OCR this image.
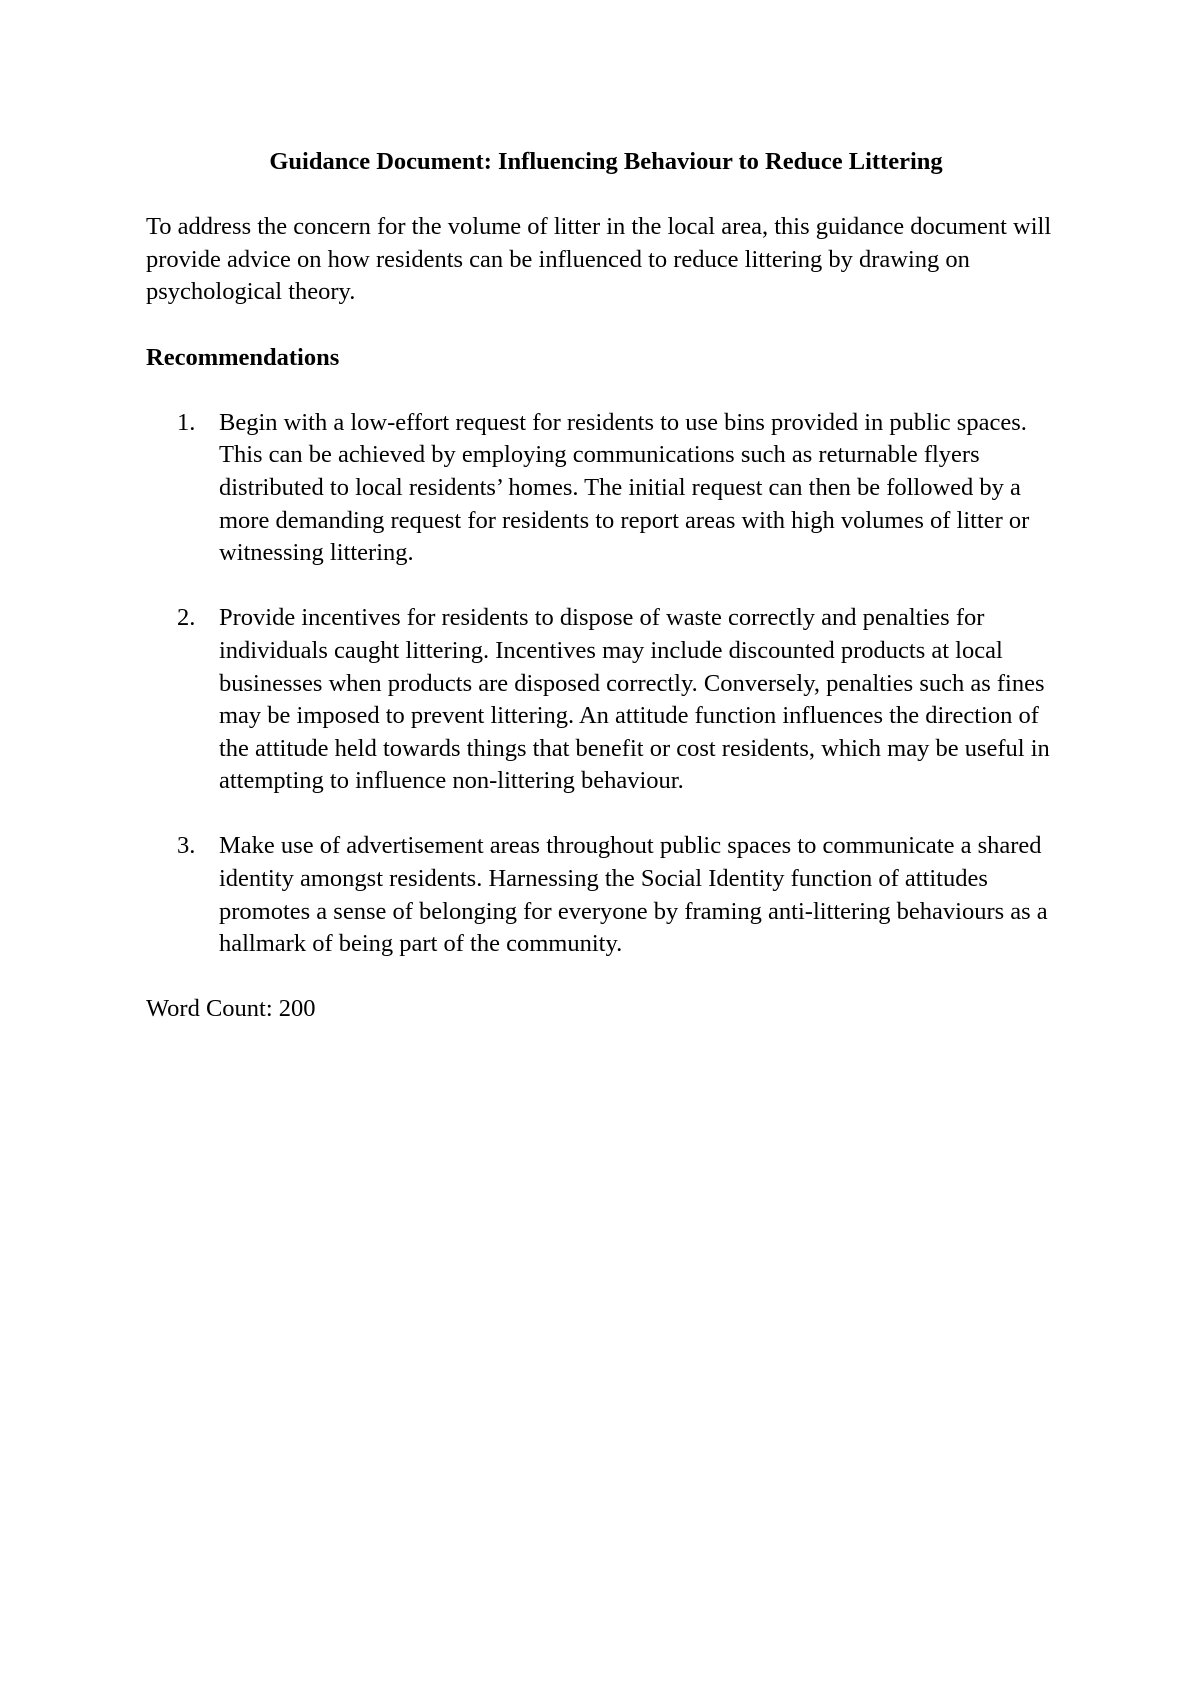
Guidance Document: Influencing Behaviour to Reduce Littering

To address the concern for the volume of litter in the local area, this guidance document will provide advice on how residents can be influenced to reduce littering by drawing on psychological theory.

Recommendations
1. Begin with a low-effort request for residents to use bins provided in public spaces. This can be achieved by employing communications such as returnable flyers distributed to local residents’ homes. The initial request can then be followed by a more demanding request for residents to report areas with high volumes of litter or witnessing littering.
2. Provide incentives for residents to dispose of waste correctly and penalties for individuals caught littering. Incentives may include discounted products at local businesses when products are disposed correctly. Conversely, penalties such as fines may be imposed to prevent littering. An attitude function influences the direction of the attitude held towards things that benefit or cost residents, which may be useful in attempting to influence non-littering behaviour.
3. Make use of advertisement areas throughout public spaces to communicate a shared identity amongst residents. Harnessing the Social Identity function of attitudes promotes a sense of belonging for everyone by framing anti-littering behaviours as a hallmark of being part of the community.

Word Count: 200
